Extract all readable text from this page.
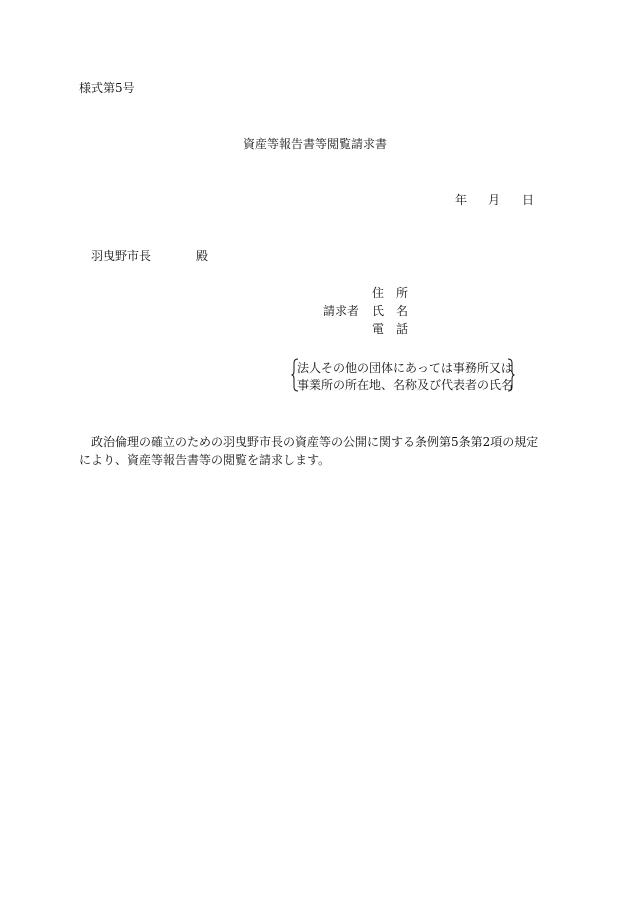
様式第5号
資産等報告書等閲覧請求書
年 月 日
羽曳野市長	殿
請求者
住 所
氏 名
電 話
法人その他の団体にあっては事務所又は
事業所の所在地、名称及び代表者の氏名
政治倫理の確立のための羽曳野市長の資産等の公開に関する条例第5条第2項の規定により、資産等報告書等の閲覧を請求します。
